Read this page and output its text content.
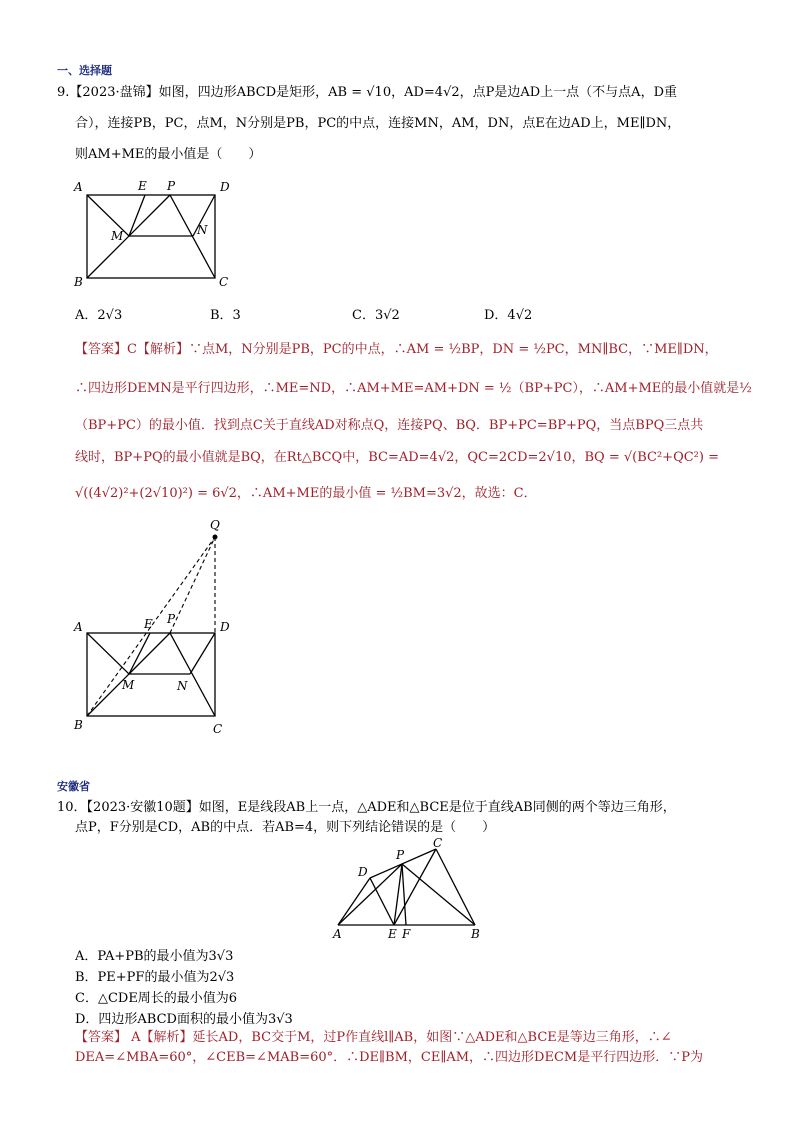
一、选择题
9.【2023·盘锦】如图，四边形ABCD是矩形，AB = √10，AD=4√2，点P是边AD上一点（不与点A，D重
合），连接PB，PC，点M，N分别是PB，PC的中点，连接MN，AM，DN，点E在边AD上，ME∥DN，
则AM+ME的最小值是（　　）
A	E P	D
M	N
B	C
A．2√3	B．3	C．3√2	D．4√2
【答案】C【解析】∵点M，N分别是PB，PC的中点，∴AM = ½BP，DN = ½PC，MN∥BC，∵ME∥DN，
∴四边形DEMN是平行四边形，∴ME=ND，∴AM+ME=AM+DN = ½（BP+PC），∴AM+ME的最小值就是½
（BP+PC）的最小值．找到点C关于直线AD对称点Q，连接PQ、BQ．BP+PC=BP+PQ，当点BPQ三点共
线时，BP+PQ的最小值就是BQ，在Rt△BCQ中，BC=AD=4√2，QC=2CD=2√10，BQ = √(BC²+QC²) =
√((4√2)²+(2√10)²) = 6√2，∴AM+ME的最小值 = ½BM=3√2，故选：C．
Q
A	E P
D
M	N
B	C
安徽省
10．【2023·安徽10题】如图，E是线段AB上一点，△ADE和△BCE是位于直线AB同侧的两个等边三角形，
点P，F分别是CD，AB的中点．若AB=4，则下列结论错误的是（　　）
D
P
C
A	E F	B
A．PA+PB的最小值为3√3
B．PE+PF的最小值为2√3
C．△CDE周长的最小值为6
D．四边形ABCD面积的最小值为3√3
【答案】 A【解析】延长AD，BC交于M，过P作直线l∥AB，如图∵△ADE和△BCE是等边三角形，∴∠
DEA=∠MBA=60°，∠CEB=∠MAB=60°．∴DE∥BM，CE∥AM，∴四边形DECM是平行四边形．∵P为
